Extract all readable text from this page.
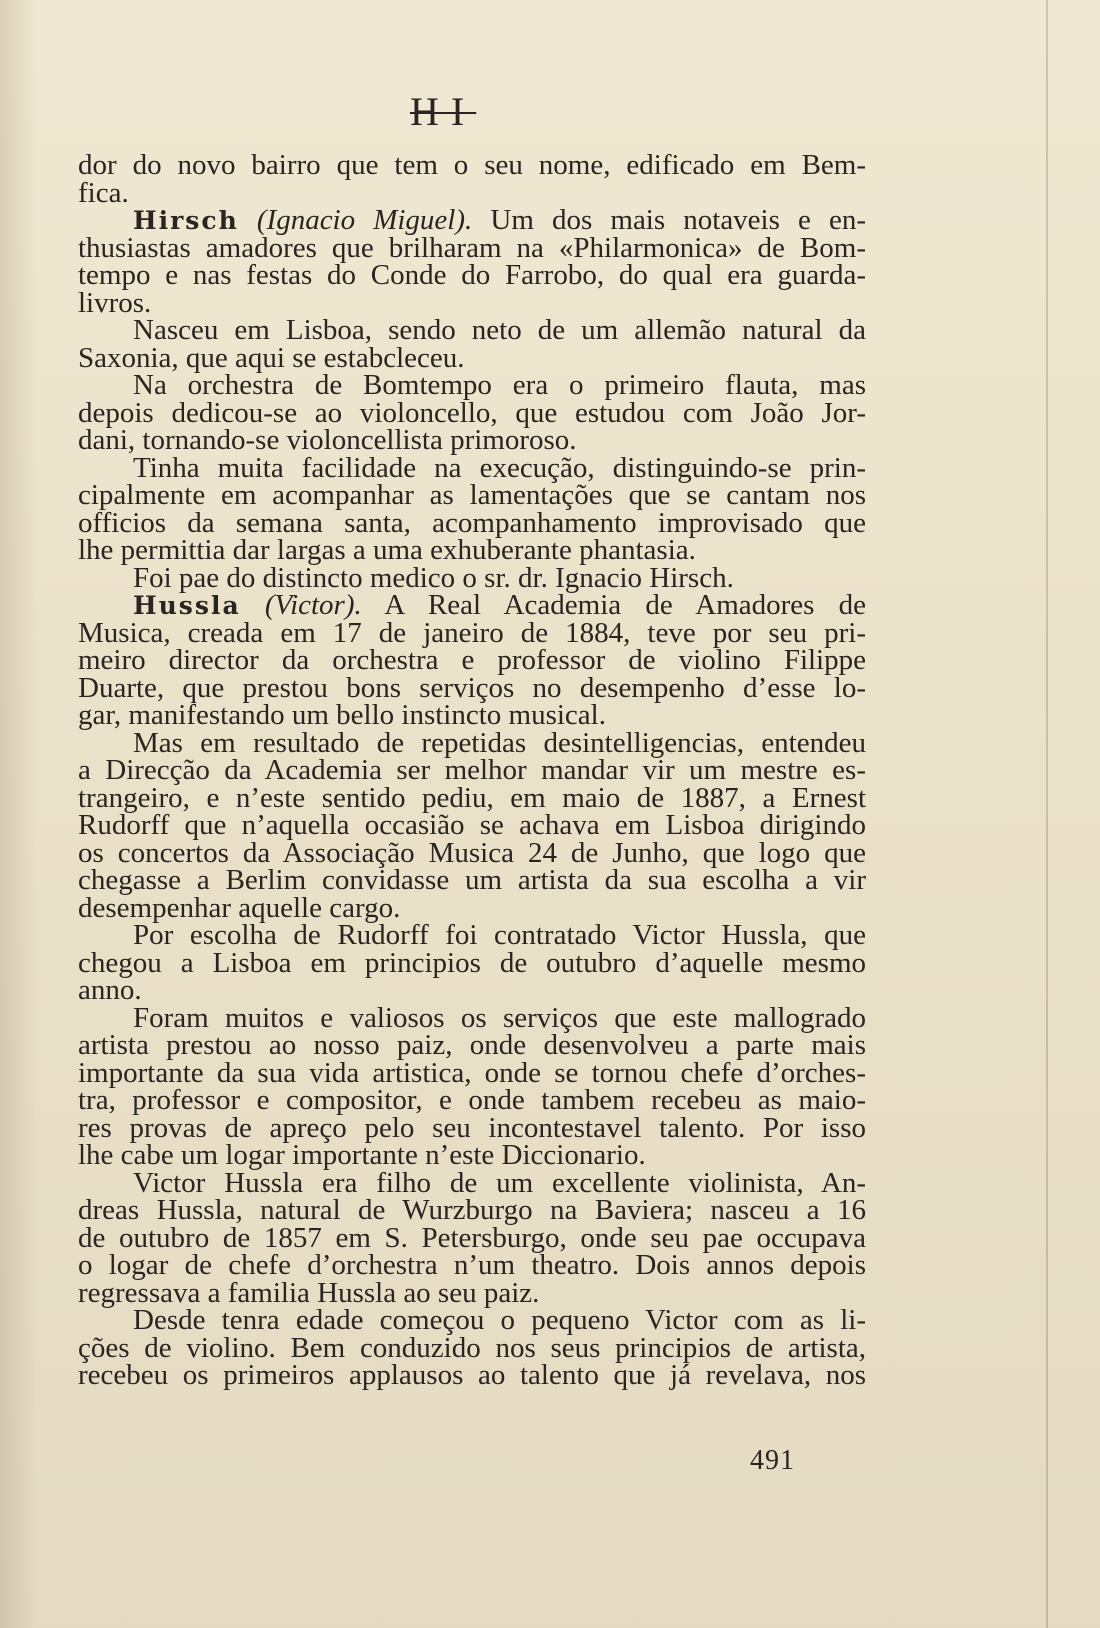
HI
dor do novo bairro que tem o seu nome, edificado em Bem-
fica.
Hirsch (Ignacio Miguel). Um dos mais notaveis e en-
thusiastas amadores que brilharam na «Philarmonica» de Bom-
tempo e nas festas do Conde do Farrobo, do qual era guarda-
livros.
Nasceu em Lisboa, sendo neto de um allemão natural da
Saxonia, que aqui se estabcleceu.
Na orchestra de Bomtempo era o primeiro flauta, mas
depois dedicou-se ao violoncello, que estudou com João Jor-
dani, tornando-se violoncellista primoroso.
Tinha muita facilidade na execução, distinguindo-se prin-
cipalmente em acompanhar as lamentações que se cantam nos
officios da semana santa, acompanhamento improvisado que
lhe permittia dar largas a uma exhuberante phantasia.
Foi pae do distincto medico o sr. dr. Ignacio Hirsch.
Hussla (Victor). A Real Academia de Amadores de
Musica, creada em 17 de janeiro de 1884, teve por seu pri-
meiro director da orchestra e professor de violino Filippe
Duarte, que prestou bons serviços no desempenho d’esse lo-
gar, manifestando um bello instincto musical.
Mas em resultado de repetidas desintelligencias, entendeu
a Direcção da Academia ser melhor mandar vir um mestre es-
trangeiro, e n’este sentido pediu, em maio de 1887, a Ernest
Rudorff que n’aquella occasião se achava em Lisboa dirigindo
os concertos da Associação Musica 24 de Junho, que logo que
chegasse a Berlim convidasse um artista da sua escolha a vir
desempenhar aquelle cargo.
Por escolha de Rudorff foi contratado Victor Hussla, que
chegou a Lisboa em principios de outubro d’aquelle mesmo
anno.
Foram muitos e valiosos os serviços que este mallogrado
artista prestou ao nosso paiz, onde desenvolveu a parte mais
importante da sua vida artistica, onde se tornou chefe d’orches-
tra, professor e compositor, e onde tambem recebeu as maio-
res provas de apreço pelo seu incontestavel talento. Por isso
lhe cabe um logar importante n’este Diccionario.
Victor Hussla era filho de um excellente violinista, An-
dreas Hussla, natural de Wurzburgo na Baviera; nasceu a 16
de outubro de 1857 em S. Petersburgo, onde seu pae occupava
o logar de chefe d’orchestra n’um theatro. Dois annos depois
regressava a familia Hussla ao seu paiz.
Desde tenra edade começou o pequeno Victor com as li-
ções de violino. Bem conduzido nos seus principios de artista,
recebeu os primeiros applausos ao talento que já revelava, nos
491
